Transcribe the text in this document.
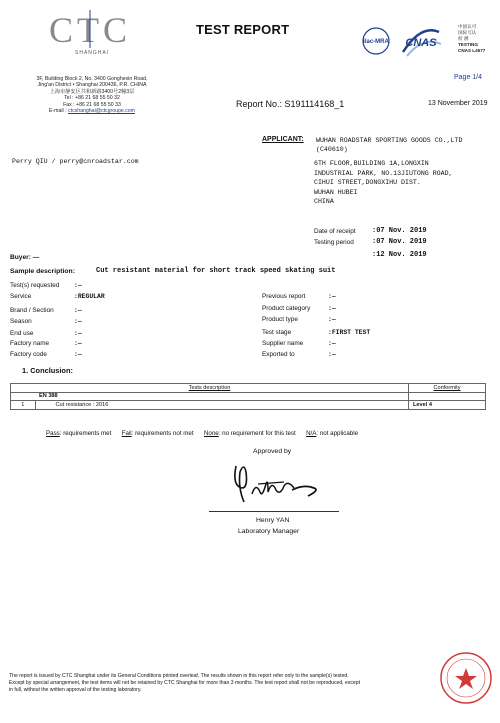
CTC
SHANGHAI
3F, Building Block 2, No. 3400 Gonghexin Road,
Jing'an District • Shanghai 200436, P.R. CHINA
上海市静安区共和新路3400号2幢3层
Tel : +86 21 68 55 50 32
Fax : +86 21 68 55 50 33
E-mail : ctcshanghai@ctcgroupe.com
TEST REPORT
ilac-MRA CNAS
中国认可
国际互认
检 测
TESTING
CNAS L4577
Page 1/4
Report No.: S191114168_1	13 November 2019
APPLICANT: WUHAN ROADSTAR SPORTING GOODS CO.,LTD
(C40610)
6TH FLOOR,BUILDING 1A,LONGXIN
INDUSTRIAL PARK, NO.13JIUTONG ROAD,
CIHUI STREET,DONGXIHU DIST.
WUHAN HUBEI
CHINA
Perry QIU / perry@cnroadstar.com
Date of receipt :07 Nov. 2019
Testing period	:07 Nov. 2019
:12 Nov. 2019
Buyer: —
Sample description:	Cut resistant material for short track speed skating suit
Test(s) requested :—
Service	:REGULAR
Brand / Section	:—
Season	:—
End use	:—
Factory name	:—
Factory code	:—
Previous report	:—
Product category	:—
Product type	:—
Test stage	:FIRST TEST
Supplier name	:—
Exported to	:—
1. Conclusion:
Tests description		Conformity
	EN 388	
1	Cut resistance : 2016	Level 4
Pass: requirements met Fail: requirements not met None: no requirement for this test N/A: not applicable
Approved by
Henry YAN
Laboratory Manager
The report is issued by CTC Shanghai under its General Conditions printed overleaf. The results shown in this report refer only to the sample(s) tested.
Except by special arrangement, the test items will not be retained by CTC Shanghai for more than 3 months. The test report shall not be reproduced, except
in full, without the written approval of the testing laboratory.
